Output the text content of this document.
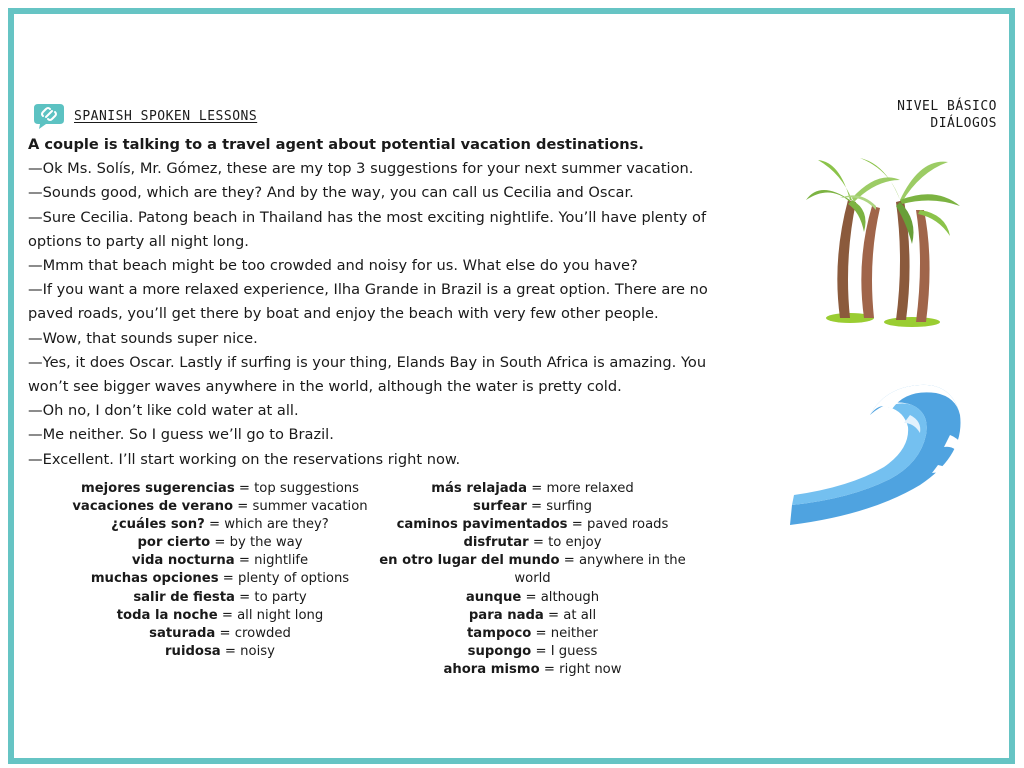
SPANISH SPOKEN LESSONS
NIVEL BÁSICO
DIÁLOGOS

A couple is talking to a travel agent about potential vacation destinations.

—Ok Ms. Solís, Mr. Gómez, these are my top 3 suggestions for your next summer vacation.

—Sounds good, which are they? And by the way, you can call us Cecilia and Oscar.

—Sure Cecilia. Patong beach in Thailand has the most exciting nightlife. You’ll have plenty of options to party all night long.

—Mmm that beach might be too crowded and noisy for us. What else do you have?

—If you want a more relaxed experience, Ilha Grande in Brazil is a great option. There are no paved roads, you’ll get there by boat and enjoy the beach with very few other people.

—Wow, that sounds super nice.

—Yes, it does Oscar. Lastly if surfing is your thing, Elands Bay in South Africa is amazing. You won’t see bigger waves anywhere in the world, although the water is pretty cold.

—Oh no, I don’t like cold water at all.

—Me neither. So I guess we’ll go to Brazil.

—Excellent. I’ll start working on the reservations right now.

mejores sugerencias = top suggestions
vacaciones de verano = summer vacation
¿cuáles son? = which are they?
por cierto = by the way
vida nocturna = nightlife
muchas opciones = plenty of options
salir de fiesta = to party
toda la noche = all night long
saturada = crowded
ruidosa = noisy
más relajada = more relaxed
surfear = surfing
caminos pavimentados = paved roads
disfrutar = to enjoy
en otro lugar del mundo = anywhere in the world
aunque = although
para nada = at all
tampoco = neither
supongo = I guess
ahora mismo = right now
